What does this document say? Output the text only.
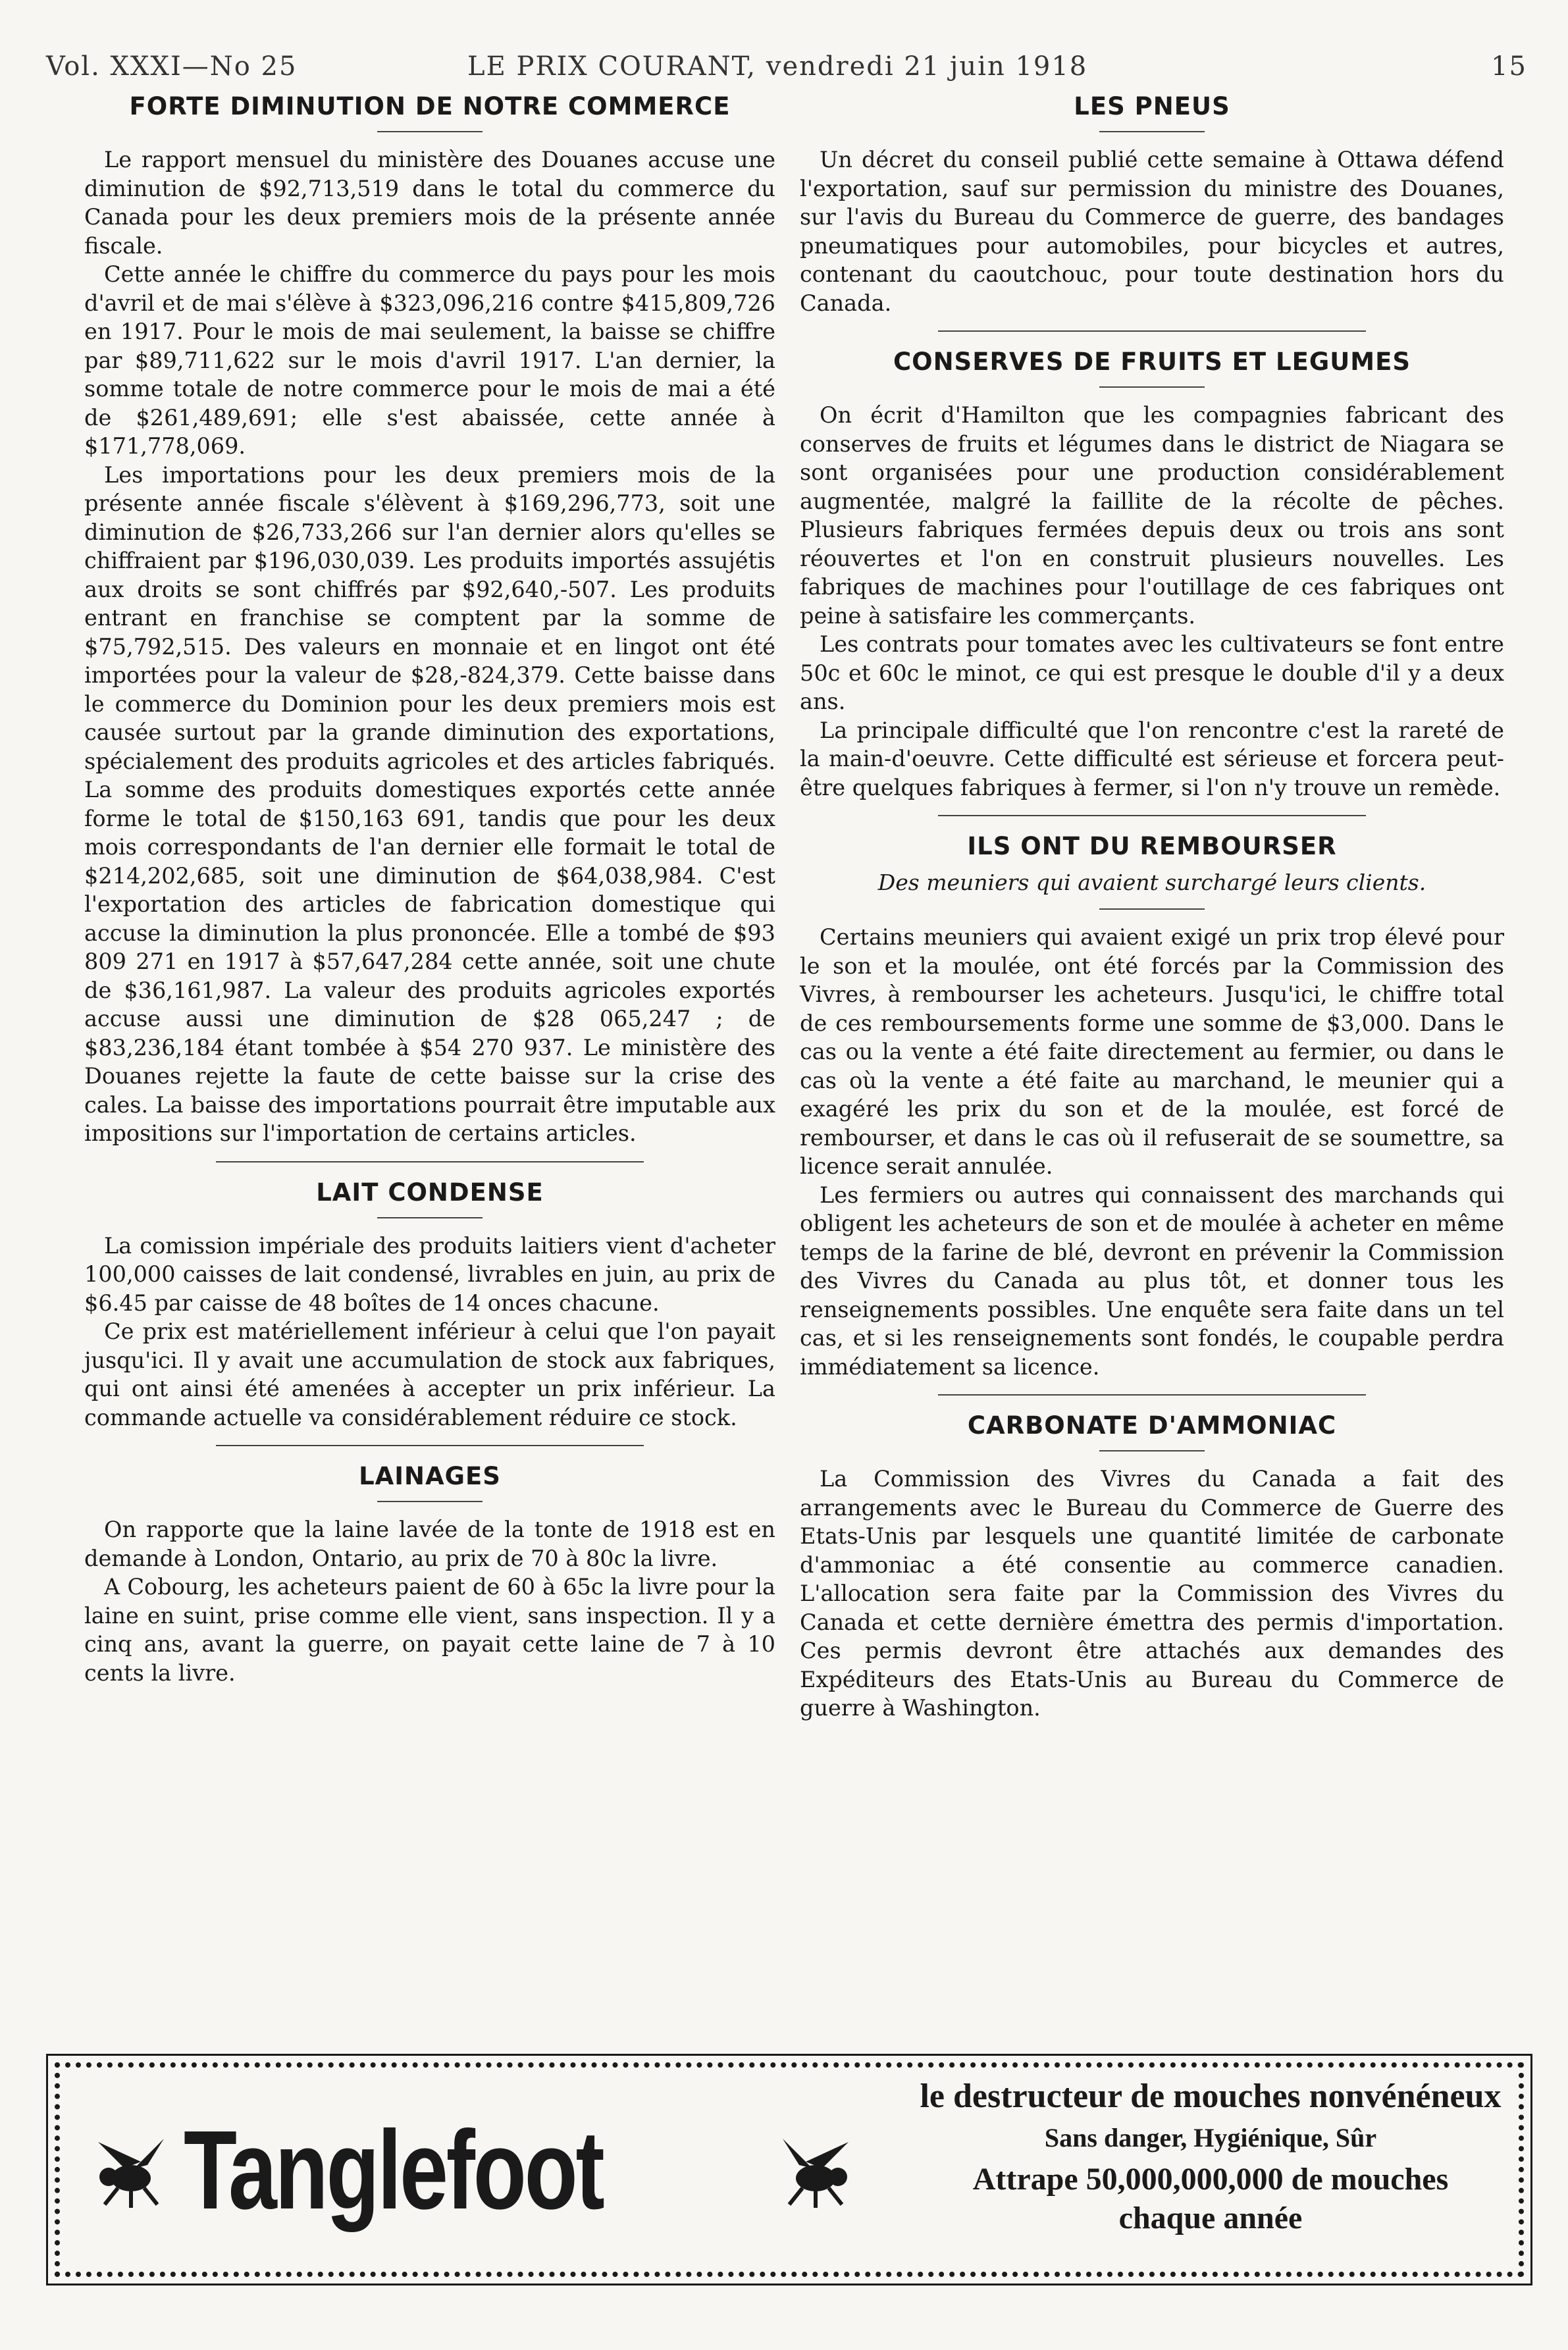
Vol. XXXI—No 25	LE PRIX COURANT, vendredi 21 juin 1918	15
FORTE DIMINUTION DE NOTRE COMMERCE

Le rapport mensuel du ministère des Douanes accuse une diminution de $92,713,519 dans le total du commerce du Canada pour les deux premiers mois de la présente année fiscale.

Cette année le chiffre du commerce du pays pour les mois d'avril et de mai s'élève à $323,096,216 contre $415,809,726 en 1917. Pour le mois de mai seulement, la baisse se chiffre par $89,711,622 sur le mois d'avril 1917. L'an dernier, la somme totale de notre commerce pour le mois de mai a été de $261,489,691; elle s'est abaissée, cette année à $171,778,069.

Les importations pour les deux premiers mois de la présente année fiscale s'élèvent à $169,296,773, soit une diminution de $26,733,266 sur l'an dernier alors qu'elles se chiffraient par $196,030,039. Les produits importés assujétis aux droits se sont chiffrés par $92,640,-507. Les produits entrant en franchise se comptent par la somme de $75,792,515. Des valeurs en monnaie et en lingot ont été importées pour la valeur de $28,-824,379. Cette baisse dans le commerce du Dominion pour les deux premiers mois est causée surtout par la grande diminution des exportations, spécialement des produits agricoles et des articles fabriqués. La somme des produits domestiques exportés cette année forme le total de $150,163 691, tandis que pour les deux mois correspondants de l'an dernier elle formait le total de $214,202,685, soit une diminution de $64,038,984. C'est l'exportation des articles de fabrication domestique qui accuse la diminution la plus prononcée. Elle a tombé de $93 809 271 en 1917 à $57,647,284 cette année, soit une chute de $36,161,987. La valeur des produits agricoles exportés accuse aussi une diminution de $28 065,247 ; de $83,236,184 étant tombée à $54 270 937. Le ministère des Douanes rejette la faute de cette baisse sur la crise des cales. La baisse des importations pourrait être imputable aux impositions sur l'importation de certains articles.

LAIT CONDENSE

La comission impériale des produits laitiers vient d'acheter 100,000 caisses de lait condensé, livrables en juin, au prix de $6.45 par caisse de 48 boîtes de 14 onces chacune.

Ce prix est matériellement inférieur à celui que l'on payait jusqu'ici. Il y avait une accumulation de stock aux fabriques, qui ont ainsi été amenées à accepter un prix inférieur. La commande actuelle va considérablement réduire ce stock.

LAINAGES

On rapporte que la laine lavée de la tonte de 1918 est en demande à London, Ontario, au prix de 70 à 80c la livre.

A Cobourg, les acheteurs paient de 60 à 65c la livre pour la laine en suint, prise comme elle vient, sans inspection. Il y a cinq ans, avant la guerre, on payait cette laine de 7 à 10 cents la livre.

LES PNEUS

Un décret du conseil publié cette semaine à Ottawa défend l'exportation, sauf sur permission du ministre des Douanes, sur l'avis du Bureau du Commerce de guerre, des bandages pneumatiques pour automobiles, pour bicycles et autres, contenant du caoutchouc, pour toute destination hors du Canada.

CONSERVES DE FRUITS ET LEGUMES

On écrit d'Hamilton que les compagnies fabricant des conserves de fruits et légumes dans le district de Niagara se sont organisées pour une production considérablement augmentée, malgré la faillite de la récolte de pêches. Plusieurs fabriques fermées depuis deux ou trois ans sont réouvertes et l'on en construit plusieurs nouvelles. Les fabriques de machines pour l'outillage de ces fabriques ont peine à satisfaire les commerçants.

Les contrats pour tomates avec les cultivateurs se font entre 50c et 60c le minot, ce qui est presque le double d'il y a deux ans.

La principale difficulté que l'on rencontre c'est la rareté de la main-d'oeuvre. Cette difficulté est sérieuse et forcera peut-être quelques fabriques à fermer, si l'on n'y trouve un remède.

ILS ONT DU REMBOURSER
Des meuniers qui avaient surchargé leurs clients.

Certains meuniers qui avaient exigé un prix trop élevé pour le son et la moulée, ont été forcés par la Commission des Vivres, à rembourser les acheteurs. Jusqu'ici, le chiffre total de ces remboursements forme une somme de $3,000. Dans le cas ou la vente a été faite directement au fermier, ou dans le cas où la vente a été faite au marchand, le meunier qui a exagéré les prix du son et de la moulée, est forcé de rembourser, et dans le cas où il refuserait de se soumettre, sa licence serait annulée.

Les fermiers ou autres qui connaissent des marchands qui obligent les acheteurs de son et de moulée à acheter en même temps de la farine de blé, devront en prévenir la Commission des Vivres du Canada au plus tôt, et donner tous les renseignements possibles. Une enquête sera faite dans un tel cas, et si les renseignements sont fondés, le coupable perdra immédiatement sa licence.

CARBONATE D'AMMONIAC

La Commission des Vivres du Canada a fait des arrangements avec le Bureau du Commerce de Guerre des Etats-Unis par lesquels une quantité limitée de carbonate d'ammoniac a été consentie au commerce canadien. L'allocation sera faite par la Commission des Vivres du Canada et cette dernière émettra des permis d'importation. Ces permis devront être attachés aux demandes des Expéditeurs des Etats-Unis au Bureau du Commerce de guerre à Washington.

Tanglefoot
le destructeur de mouches nonvénéneux
Sans danger, Hygiénique, Sûr
Attrape 50,000,000,000 de mouches
chaque année
